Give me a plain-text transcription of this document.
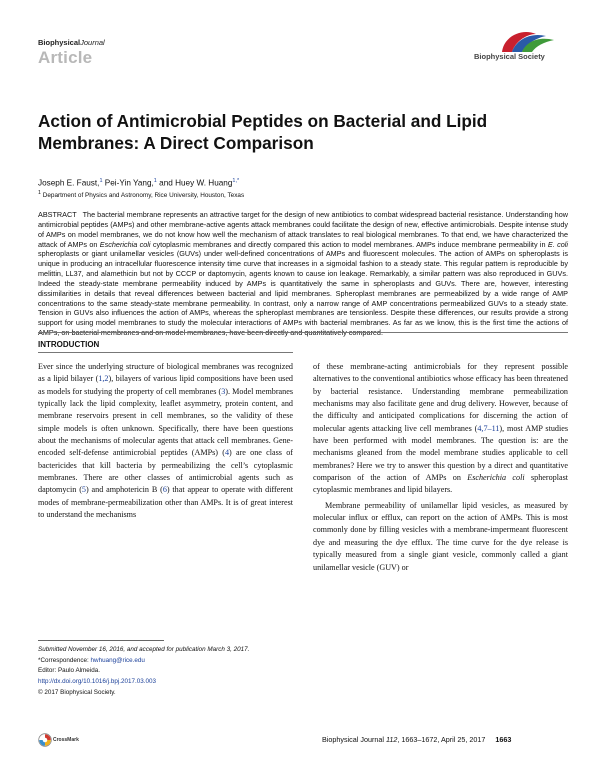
BiophysicalJournal
Article	Biophysical Society
Action of Antimicrobial Peptides on Bacterial and Lipid Membranes: A Direct Comparison
Joseph E. Faust,$^1$ Pei-Yin Yang,$^1$ and Huey W. Huang$^{1,*}$
$^1$ Department of Physics and Astronomy, Rice University, Houston, Texas
ABSTRACT The bacterial membrane represents an attractive target for the design of new antibiotics to combat widespread bacterial resistance. Understanding how antimicrobial peptides (AMPs) and other membrane-active agents attack membranes could facilitate the design of new, effective antimicrobials. Despite intense study of AMPs on model membranes, we do not know how well the mechanism of attack translates to real biological membranes. To that end, we have characterized the attack of AMPs on Escherichia coli cytoplasmic membranes and directly compared this action to model membranes. AMPs induce membrane permeability in E. coli spheroplasts or giant unilamellar vesicles (GUVs) under well-defined concentrations of AMPs and fluorescent molecules. The action of AMPs on spheroplasts is unique in producing an intracellular fluorescence intensity time curve that increases in a sigmoidal fashion to a steady state. This regular pattern is reproducible by melittin, LL37, and alamethicin but not by CCCP or daptomycin, agents known to cause ion leakage. Remarkably, a similar pattern was also reproduced in GUVs. Indeed the steady-state membrane permeability induced by AMPs is quantitatively the same in spheroplasts and GUVs. There are, however, interesting dissimilarities in details that reveal differences between bacterial and lipid membranes. Spheroplast membranes are permeabilized by a wide range of AMP concentrations to the same steady-state membrane permeability. In contrast, only a narrow range of AMP concentrations permeabilized GUVs to a steady state. Tension in GUVs also influences the action of AMPs, whereas the spheroplast membranes are tensionless. Despite these differences, our results provide a strong support for using model membranes to study the molecular interactions of AMPs with bacterial membranes. As far as we know, this is the first time the actions of AMPs, on bacterial membranes and on model membranes, have been directly and quantitatively compared.
INTRODUCTION

Ever since the underlying structure of biological membranes was recognized as a lipid bilayer (1,2), bilayers of various lipid compositions have been used as models for studying the property of cell membranes (3). Model membranes typically lack the lipid complexity, leaflet asymmetry, protein content, and membrane reservoirs present in cell membranes, so the validity of these simple models is often unknown. Specifically, there have been questions about the mechanisms of molecular agents that attack cell membranes. Gene-encoded self-defense antimicrobial peptides (AMPs) (4) are one class of bactericides that kill bacteria by permeabilizing the cell’s cytoplasmic membranes. There are other classes of antimicrobial agents such as daptomycin (5) and amphotericin B (6) that appear to operate with different modes of membrane-permeabilization other than AMPs. It is of great interest to understand the mechanisms

of these membrane-acting antimicrobials for they represent possible alternatives to the conventional antibiotics whose efficacy has been threatened by bacterial resistance. Understanding membrane permeabilization mechanisms may also facilitate gene and drug delivery. However, because of the difficulty and anticipated complications for discerning the action of molecular agents attacking live cell membranes (4,7–11), most AMP studies have been performed with model membranes. The question is: are the mechanisms gleaned from the model membrane studies applicable to cell membranes? Here we try to answer this question by a direct and quantitative comparison of the action of AMPs on Escherichia coli spheroplast cytoplasmic membranes and lipid bilayers.

Membrane permeability of unilamellar lipid vesicles, as measured by molecular influx or efflux, can report on the action of AMPs. This is most commonly done by filling vesicles with a membrane-impermeant fluorescent dye and measuring the dye efflux. The time curve for the dye release is typically measured from a single giant vesicle, commonly called a giant unilamellar vesicle (GUV) or

Submitted November 16, 2016, and accepted for publication March 3, 2017.
*Correspondence: hwhuang@rice.edu
Editor: Paulo Almeida.
http://dx.doi.org/10.1016/j.bpj.2017.03.003
© 2017 Biophysical Society.
CrossMark	Biophysical Journal 112, 1663–1672, April 25, 2017 1663
